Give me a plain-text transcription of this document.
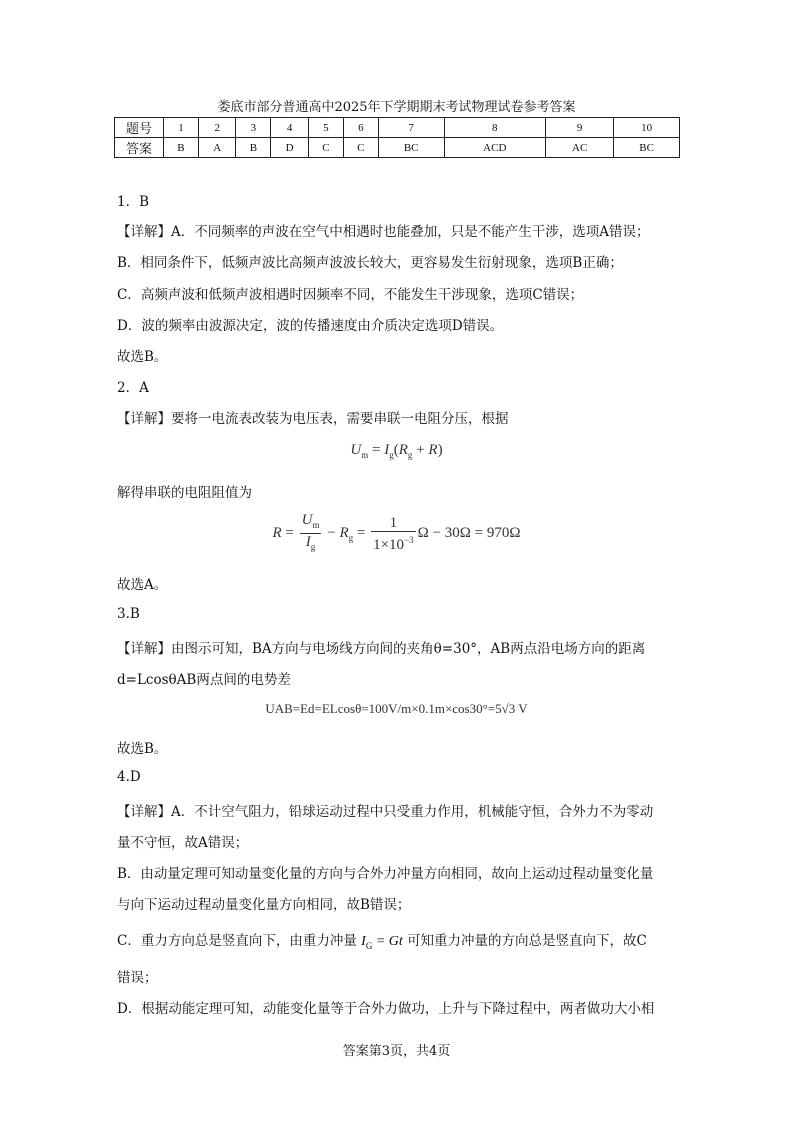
娄底市部分普通高中2025年下学期期末考试物理试卷参考答案
题号	1	2	3	4	5	6	7	8	9	10
答案	B	A	B	D	C	C	BC	ACD	AC	BC
1．B
【详解】A．不同频率的声波在空气中相遇时也能叠加，只是不能产生干涉，选项A错误；
B．相同条件下，低频声波比高频声波波长较大，更容易发生衍射现象，选项B正确；
C．高频声波和低频声波相遇时因频率不同，不能发生干涉现象，选项C错误；
D．波的频率由波源决定，波的传播速度由介质决定选项D错误。
故选B。
2．A
【详解】要将一电流表改装为电压表，需要串联一电阻分压，根据
$U_m = I_g(R_g + R)$
解得串联的电阻阻值为
$R = \frac{U_m}{I_g} - R_g = \frac{1}{1\times 10^{-3}}$ Ω − 30Ω = 970Ω
故选A。
3.B
【详解】由图示可知，BA方向与电场线方向间的夹角θ=30°，AB两点沿电场方向的距离
d=LcosθAB两点间的电势差
UAB=Ed=ELcosθ=100V/m×0.1m×cos30°=5√3 V
故选B。
4.D
【详解】A．不计空气阻力，铅球运动过程中只受重力作用，机械能守恒，合外力不为零动
量不守恒，故A错误；
B．由动量定理可知动量变化量的方向与合外力冲量方向相同，故向上运动过程动量变化量
与向下运动过程动量变化量方向相同，故B错误；
C．重力方向总是竖直向下，由重力冲量 $I_G = Gt$ 可知重力冲量的方向总是竖直向下，故C
错误；
D．根据动能定理可知，动能变化量等于合外力做功，上升与下降过程中，两者做功大小相
答案第3页，共4页
